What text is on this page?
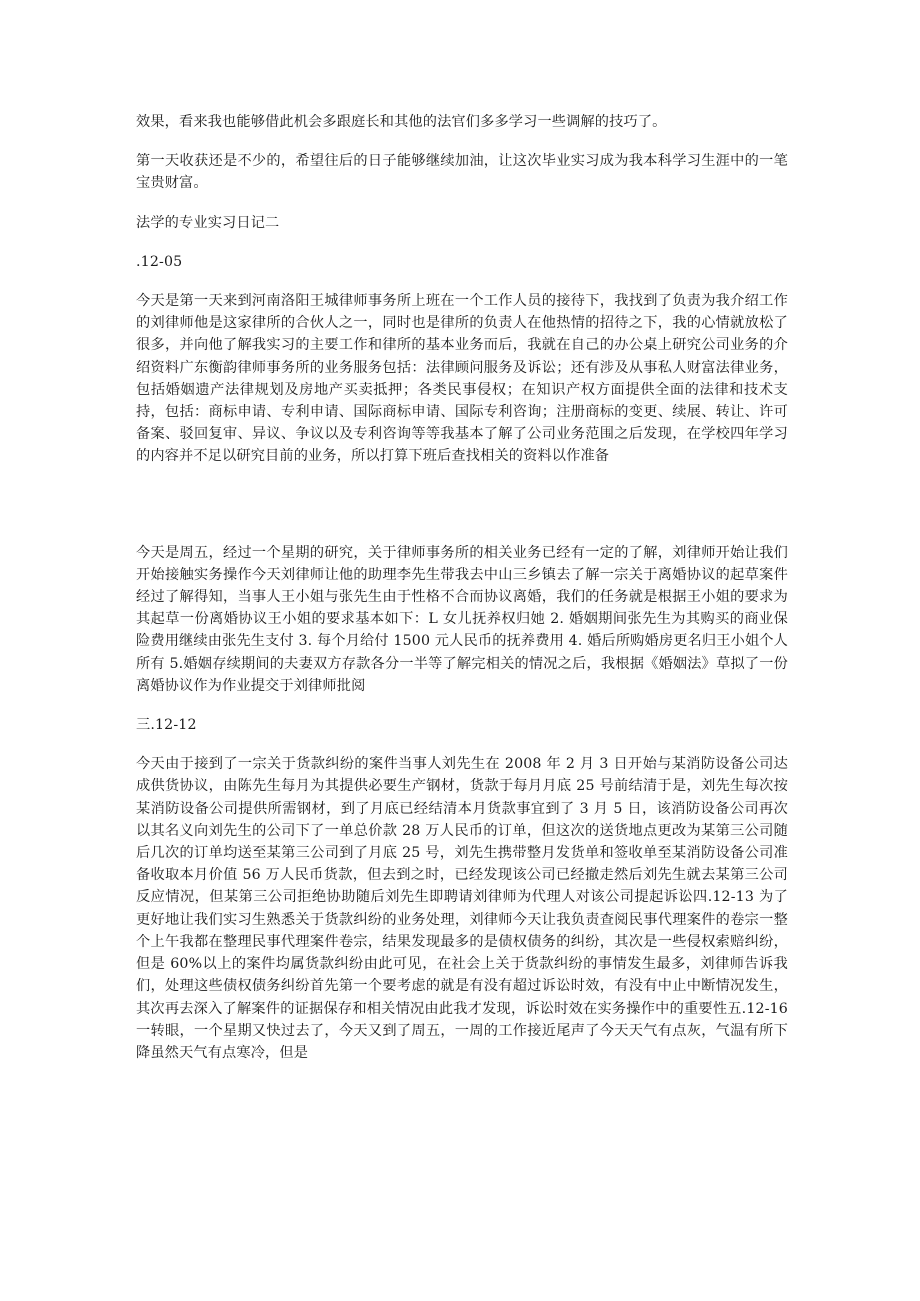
效果，看来我也能够借此机会多跟庭长和其他的法官们多多学习一些调解的技巧了。

第一天收获还是不少的，希望往后的日子能够继续加油，让这次毕业实习成为我本科学习生涯中的一笔宝贵财富。

法学的专业实习日记二

.12-05

今天是第一天来到河南洛阳王城律师事务所上班在一个工作人员的接待下，我找到了负责为我介绍工作的刘律师他是这家律所的合伙人之一，同时也是律所的负责人在他热情的招待之下，我的心情就放松了很多，并向他了解我实习的主要工作和律所的基本业务而后，我就在自己的办公桌上研究公司业务的介绍资料广东衡韵律师事务所的业务服务包括：法律顾问服务及诉讼；还有涉及从事私人财富法律业务，包括婚姻遗产法律规划及房地产买卖抵押；各类民事侵权；在知识产权方面提供全面的法律和技术支持，包括：商标申请、专利申请、国际商标申请、国际专利咨询；注册商标的变更、续展、转让、许可备案、驳回复审、异议、争议以及专利咨询等等我基本了解了公司业务范围之后发现，在学校四年学习的内容并不足以研究目前的业务，所以打算下班后查找相关的资料以作准备

今天是周五，经过一个星期的研究，关于律师事务所的相关业务已经有一定的了解，刘律师开始让我们开始接触实务操作今天刘律师让他的助理李先生带我去中山三乡镇去了解一宗关于离婚协议的起草案件经过了解得知，当事人王小姐与张先生由于性格不合而协议离婚，我们的任务就是根据王小姐的要求为其起草一份离婚协议王小姐的要求基本如下：L 女儿抚养权归她 2. 婚姻期间张先生为其购买的商业保险费用继续由张先生支付 3. 每个月给付 1500 元人民币的抚养费用 4. 婚后所购婚房更名归王小姐个人所有 5.婚姻存续期间的夫妻双方存款各分一半等了解完相关的情况之后，我根据《婚姻法》草拟了一份离婚协议作为作业提交于刘律师批阅

三.12-12

今天由于接到了一宗关于货款纠纷的案件当事人刘先生在 2008 年 2 月 3 日开始与某消防设备公司达成供货协议，由陈先生每月为其提供必要生产钢材，货款于每月月底 25 号前结清于是，刘先生每次按某消防设备公司提供所需钢材，到了月底已经结清本月货款事宜到了 3 月 5 日，该消防设备公司再次以其名义向刘先生的公司下了一单总价款 28 万人民币的订单，但这次的送货地点更改为某第三公司随后几次的订单均送至某第三公司到了月底 25 号，刘先生携带整月发货单和签收单至某消防设备公司准备收取本月价值 56 万人民币货款，但去到之时，已经发现该公司已经撤走然后刘先生就去某第三公司反应情况，但某第三公司拒绝协助随后刘先生即聘请刘律师为代理人对该公司提起诉讼四.12-13 为了更好地让我们实习生熟悉关于货款纠纷的业务处理，刘律师今天让我负责查阅民事代理案件的卷宗一整个上午我都在整理民事代理案件卷宗，结果发现最多的是债权债务的纠纷，其次是一些侵权索赔纠纷，但是 60%以上的案件均属货款纠纷由此可见，在社会上关于货款纠纷的事情发生最多，刘律师告诉我们，处理这些债权债务纠纷首先第一个要考虑的就是有没有超过诉讼时效，有没有中止中断情况发生，其次再去深入了解案件的证据保存和相关情况由此我才发现，诉讼时效在实务操作中的重要性五.12-16 一转眼，一个星期又快过去了，今天又到了周五，一周的工作接近尾声了今天天气有点灰，气温有所下降虽然天气有点寒冷，但是
